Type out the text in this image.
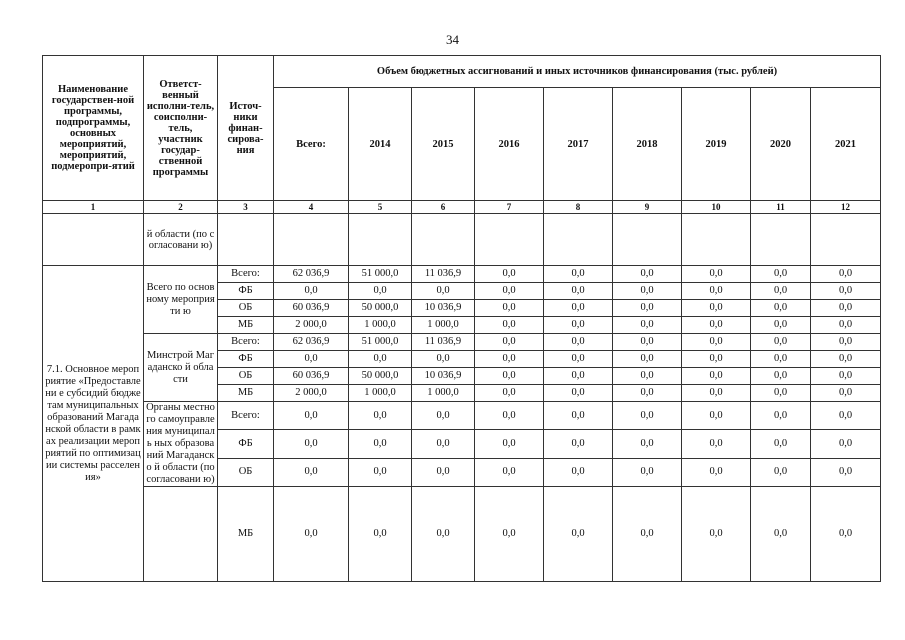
34
Наименование государствен-ной программы, подпрограммы, основных мероприятий, мероприятий, подмеропри-ятий	Ответст-венный исполни-тель, соисполни-тель, участник государ-ственной программы	Источ-ники финан-сирова-ния	Объем бюджетных ассигнований и иных источников финансирования (тыс. рублей)								
			Всего:	2014	2015	2016	2017	2018	2019	2020	2021
1	2	3	4	5	6	7	8	9	10	11	12
	й области (по согласовани ю)										
7.1. Основное мероприятие «Предоставлени е субсидий бюджетам муниципальных образований Магаданской области в рамках реализации мероприятий по оптимизации системы расселения»	Всего по основному мероприяти ю	Всего:	62 036,9	51 000,0	11 036,9	0,0	0,0	0,0	0,0	0,0	0,0
		ФБ	0,0	0,0	0,0	0,0	0,0	0,0	0,0	0,0	0,0
		ОБ	60 036,9	50 000,0	10 036,9	0,0	0,0	0,0	0,0	0,0	0,0
		МБ	2 000,0	1 000,0	1 000,0	0,0	0,0	0,0	0,0	0,0	0,0
	Минстрой Магаданско й области	Всего:	62 036,9	51 000,0	11 036,9	0,0	0,0	0,0	0,0	0,0	0,0
		ФБ	0,0	0,0	0,0	0,0	0,0	0,0	0,0	0,0	0,0
		ОБ	60 036,9	50 000,0	10 036,9	0,0	0,0	0,0	0,0	0,0	0,0
		МБ	2 000,0	1 000,0	1 000,0	0,0	0,0	0,0	0,0	0,0	0,0
	Органы местного самоуправле ния муниципаль ных образований Магаданско й области (по согласовани ю)	Всего:	0,0	0,0	0,0	0,0	0,0	0,0	0,0	0,0	0,0
		ФБ	0,0	0,0	0,0	0,0	0,0	0,0	0,0	0,0	0,0
		ОБ	0,0	0,0	0,0	0,0	0,0	0,0	0,0	0,0	0,0
		МБ	0,0	0,0	0,0	0,0	0,0	0,0	0,0	0,0	0,0
